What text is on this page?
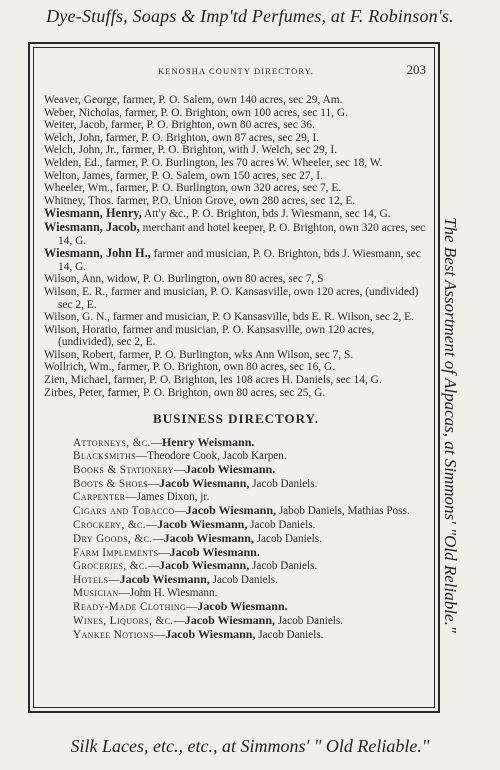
Dye-Stuffs, Soaps & Imp'td Perfumes, at F. Robinson's.
The Best Assortment of Alpacas, at Simmons' "Old Reliable."
KENOSHA COUNTY DIRECTORY.	203
Weaver, George, farmer, P. O. Salem, own 140 acres, sec 29, Am.
Weber, Nicholas, farmer, P. O. Brighton, own 100 acres, sec 11, G.
Weiter, Jacob, farmer, P. O. Brighton, own 80 acres, sec 36.
Welch, John, farmer, P. O. Brighton, own 87 acres, sec 29, I.
Welch, John, Jr., farmer, P. O. Brighton, with J. Welch, sec 29, I.
Welden, Ed., farmer, P. O. Burlington, les 70 acres W. Wheeler, sec 18, W.
Welton, James, farmer, P. O. Salem, own 150 acres, sec 27, I.
Wheeler, Wm., farmer, P. O. Burlington, own 320 acres, sec 7, E.
Whitney, Thos. farmer, P.O. Union Grove, own 280 acres, sec 12, E.
Wiesmann, Henry, Att'y &c., P. O. Brighton, bds J. Wiesmann, sec 14, G.
Wiesmann, Jacob, merchant and hotel keeper, P. O. Brighton, own 320 acres, sec 14, G.
Wiesmann, John H., farmer and musician, P. O. Brighton, bds J. Wiesmann, sec 14, G.
Wilson, Ann, widow, P. O. Burlington, own 80 acres, sec 7, S
Wilson, E. R., farmer and musician, P. O. Kansasville, own 120 acres, (undivided) sec 2, E.
Wilson, G. N., farmer and musician, P. O Kansasville, bds E. R. Wilson, sec 2, E.
Wilson, Horatio, farmer and musician, P. O. Kansasville, own 120 acres, (undivided), sec 2, E.
Wilson, Robert, farmer, P. O. Burlington, wks Ann Wilson, sec 7, S.
Wollrich, Wm., farmer, P. O. Brighton, own 80 acres, sec 16, G.
Zien, Michael, farmer, P. O. Brighton, les 108 acres H. Daniels, sec 14, G.
Zirbes, Peter, farmer, P. O. Brighton, own 80 acres, sec 25, G.
BUSINESS DIRECTORY.
Attorneys, &c.—Henry Weismann.
Blacksmiths—Theodore Cook, Jacob Karpen.
Books & Stationery—Jacob Wiesmann.
Boots & Shoes—Jacob Wiesmann, Jacob Daniels.
Carpenter—James Dixon, jr.
Cigars and Tobacco—Jacob Wiesmann, Jabob Daniels, Mathias Poss.
Crockery, &c.—Jacob Wiesmann, Jacob Daniels.
Dry Goods, &c.—Jacob Wiesmann, Jacob Daniels.
Farm Implements—Jacob Wiesmann.
Groceries, &c.—Jacob Wiesmann, Jacob Daniels.
Hotels—Jacob Wiesmann, Jacob Daniels.
Musician—John H. Wiesmann.
Ready-Made Clothing—Jacob Wiesmann.
Wines, Liquors, &c.—Jacob Wiesmann, Jacob Daniels.
Yankee Notions—Jacob Wiesmann, Jacob Daniels.
Silk Laces, etc., etc., at Simmons' " Old Reliable."
